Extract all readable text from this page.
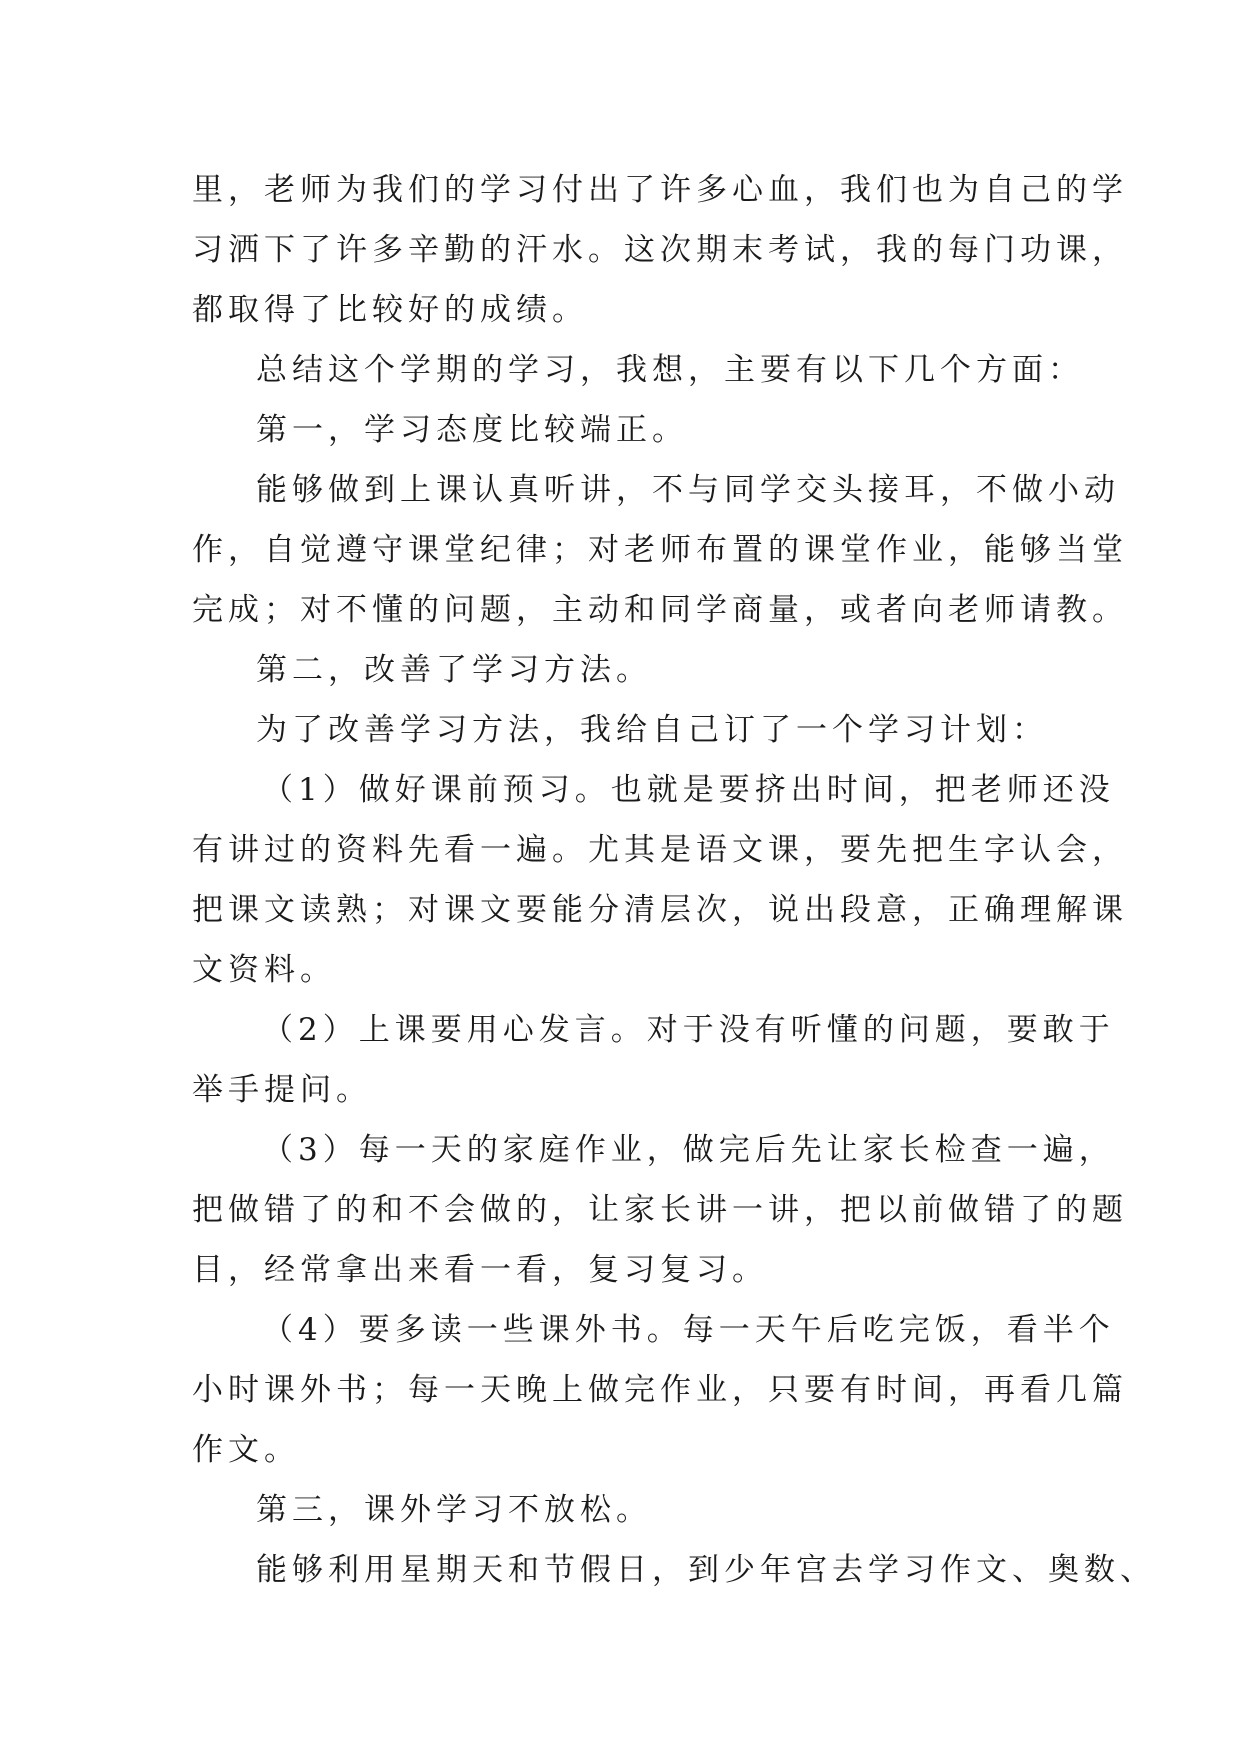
里，老师为我们的学习付出了许多心血，我们也为自己的学
习洒下了许多辛勤的汗水。这次期末考试，我的每门功课，
都取得了比较好的成绩。
总结这个学期的学习，我想，主要有以下几个方面：
第一，学习态度比较端正。
能够做到上课认真听讲，不与同学交头接耳，不做小动
作，自觉遵守课堂纪律；对老师布置的课堂作业，能够当堂
完成；对不懂的问题，主动和同学商量，或者向老师请教。
第二，改善了学习方法。
为了改善学习方法，我给自己订了一个学习计划：
（1）做好课前预习。也就是要挤出时间，把老师还没
有讲过的资料先看一遍。尤其是语文课，要先把生字认会，
把课文读熟；对课文要能分清层次，说出段意，正确理解课
文资料。
（2）上课要用心发言。对于没有听懂的问题，要敢于
举手提问。
（3）每一天的家庭作业，做完后先让家长检查一遍，
把做错了的和不会做的，让家长讲一讲，把以前做错了的题
目，经常拿出来看一看，复习复习。
（4）要多读一些课外书。每一天午后吃完饭，看半个
小时课外书；每一天晚上做完作业，只要有时间，再看几篇
作文。
第三，课外学习不放松。
能够利用星期天和节假日，到少年宫去学习作文、奥数、
